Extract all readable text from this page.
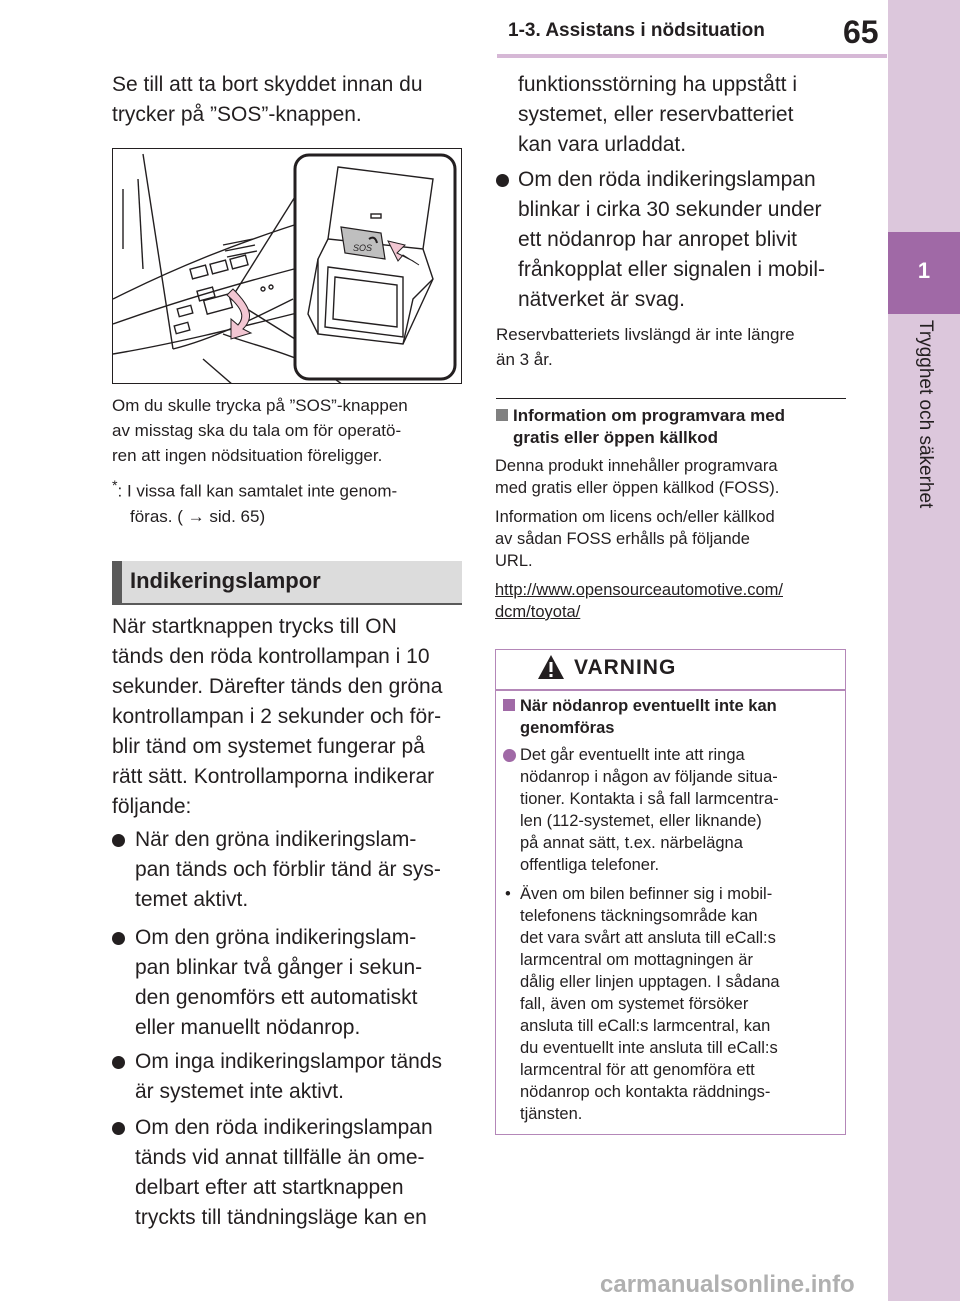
1-3. Assistans i nödsituation 65
1
Trygghet och säkerhet
Se till att ta bort skyddet innan du
trycker på ”SOS”-knappen.
SOS
Om du skulle trycka på ”SOS”-knappen
av misstag ska du tala om för operatö-
ren att ingen nödsituation föreligger.
*: I vissa fall kan samtalet inte genom-
föras. ( → sid. 65)
Indikeringslampor
När startknappen trycks till ON
tänds den röda kontrollampan i 10
sekunder. Därefter tänds den gröna
kontrollampan i 2 sekunder och för-
blir tänd om systemet fungerar på
rätt sätt. Kontrollamporna indikerar
följande:
När den gröna indikeringslam-
pan tänds och förblir tänd är sys-
temet aktivt.
Om den gröna indikeringslam-
pan blinkar två gånger i sekun-
den genomförs ett automatiskt
eller manuellt nödanrop.
Om inga indikeringslampor tänds
är systemet inte aktivt.
Om den röda indikeringslampan
tänds vid annat tillfälle än ome-
delbart efter att startknappen
tryckts till tändningsläge kan en
funktionsstörning ha uppstått i
systemet, eller reservbatteriet
kan vara urladdat.
Om den röda indikeringslampan
blinkar i cirka 30 sekunder under
ett nödanrop har anropet blivit
frånkopplat eller signalen i mobil-
nätverket är svag.
Reservbatteriets livslängd är inte längre
än 3 år.
Information om programvara med
gratis eller öppen källkod
Denna produkt innehåller programvara
med gratis eller öppen källkod (FOSS).
Information om licens och/eller källkod
av sådan FOSS erhålls på följande
URL.
http://www.opensourceautomotive.com/
dcm/toyota/
VARNING
När nödanrop eventuellt inte kan
genomföras
Det går eventuellt inte att ringa
nödanrop i någon av följande situa-
tioner. Kontakta i så fall larmcentra-
len (112-systemet, eller liknande)
på annat sätt, t.ex. närbelägna
offentliga telefoner.
• Även om bilen befinner sig i mobil-
telefonens täckningsområde kan
det vara svårt att ansluta till eCall:s
larmcentral om mottagningen är
dålig eller linjen upptagen. I sådana
fall, även om systemet försöker
ansluta till eCall:s larmcentral, kan
du eventuellt inte ansluta till eCall:s
larmcentral för att genomföra ett
nödanrop och kontakta räddnings-
tjänsten.
carmanualsonline.info
